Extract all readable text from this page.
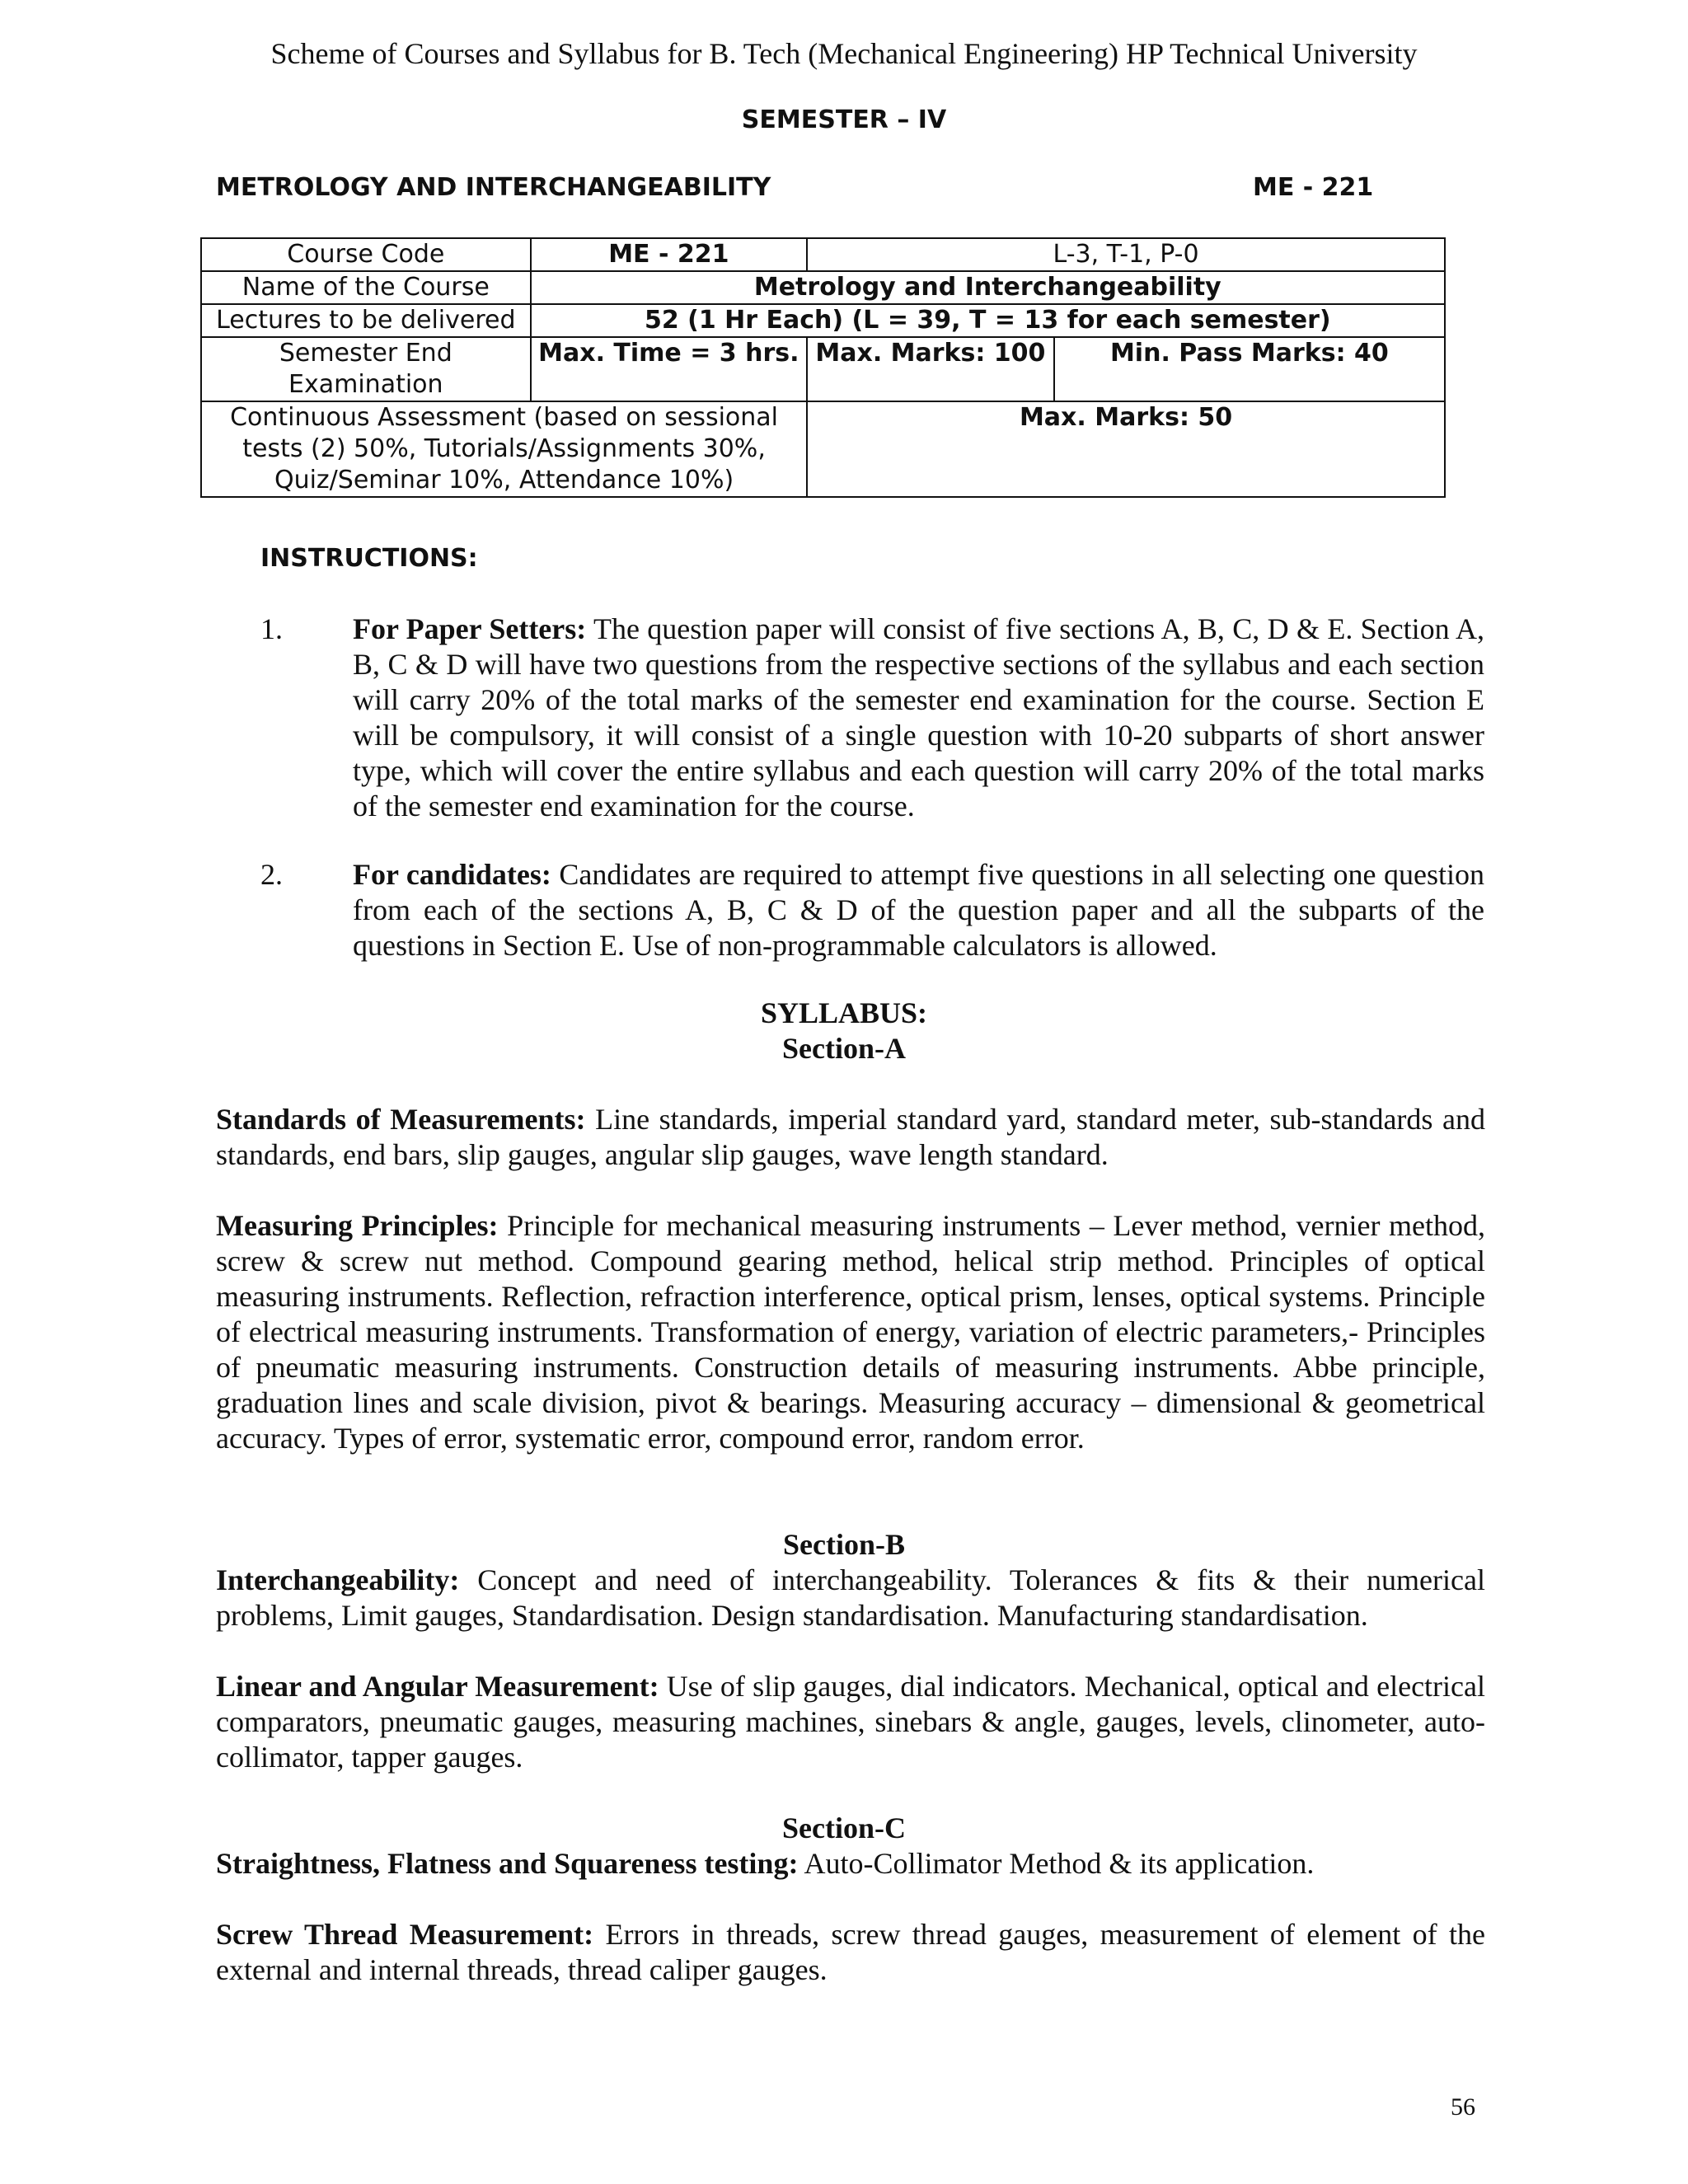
Scheme of Courses and Syllabus for B. Tech (Mechanical Engineering) HP Technical University
SEMESTER – IV
METROLOGY AND INTERCHANGEABILITY	ME - 221
Course Code	ME - 221	L-3, T-1, P-0	
Name of the Course	Metrology and Interchangeability		
Lectures to be delivered	52 (1 Hr Each) (L = 39, T = 13 for each semester)		
Semester End Examination	Max. Time = 3 hrs.	Max. Marks: 100	Min. Pass Marks: 40
Continuous Assessment (based on sessional tests (2) 50%, Tutorials/Assignments 30%, Quiz/Seminar 10%, Attendance 10%)		Max. Marks: 50	
INSTRUCTIONS:
1. For Paper Setters: The question paper will consist of five sections A, B, C, D & E. Section A, B, C & D will have two questions from the respective sections of the syllabus and each section will carry 20% of the total marks of the semester end examination for the course. Section E will be compulsory, it will consist of a single question with 10-20 subparts of short answer type, which will cover the entire syllabus and each question will carry 20% of the total marks of the semester end examination for the course.
2. For candidates: Candidates are required to attempt five questions in all selecting one question from each of the sections A, B, C & D of the question paper and all the subparts of the questions in Section E. Use of non-programmable calculators is allowed.
SYLLABUS:
Section-A
Standards of Measurements: Line standards, imperial standard yard, standard meter, sub-standards and standards, end bars, slip gauges, angular slip gauges, wave length standard.
Measuring Principles: Principle for mechanical measuring instruments – Lever method, vernier method, screw & screw nut method. Compound gearing method, helical strip method. Principles of optical measuring instruments. Reflection, refraction interference, optical prism, lenses, optical systems. Principle of electrical measuring instruments. Transformation of energy, variation of electric parameters,- Principles of pneumatic measuring instruments. Construction details of measuring instruments. Abbe principle, graduation lines and scale division, pivot & bearings. Measuring accuracy – dimensional & geometrical accuracy. Types of error, systematic error, compound error, random error.
Section-B
Interchangeability: Concept and need of interchangeability. Tolerances & fits & their numerical problems, Limit gauges, Standardisation. Design standardisation. Manufacturing standardisation.
Linear and Angular Measurement: Use of slip gauges, dial indicators. Mechanical, optical and electrical comparators, pneumatic gauges, measuring machines, sinebars & angle, gauges, levels, clinometer, auto-collimator, tapper gauges.
Section-C
Straightness, Flatness and Squareness testing: Auto-Collimator Method & its application.
Screw Thread Measurement: Errors in threads, screw thread gauges, measurement of element of the external and internal threads, thread caliper gauges.
56
